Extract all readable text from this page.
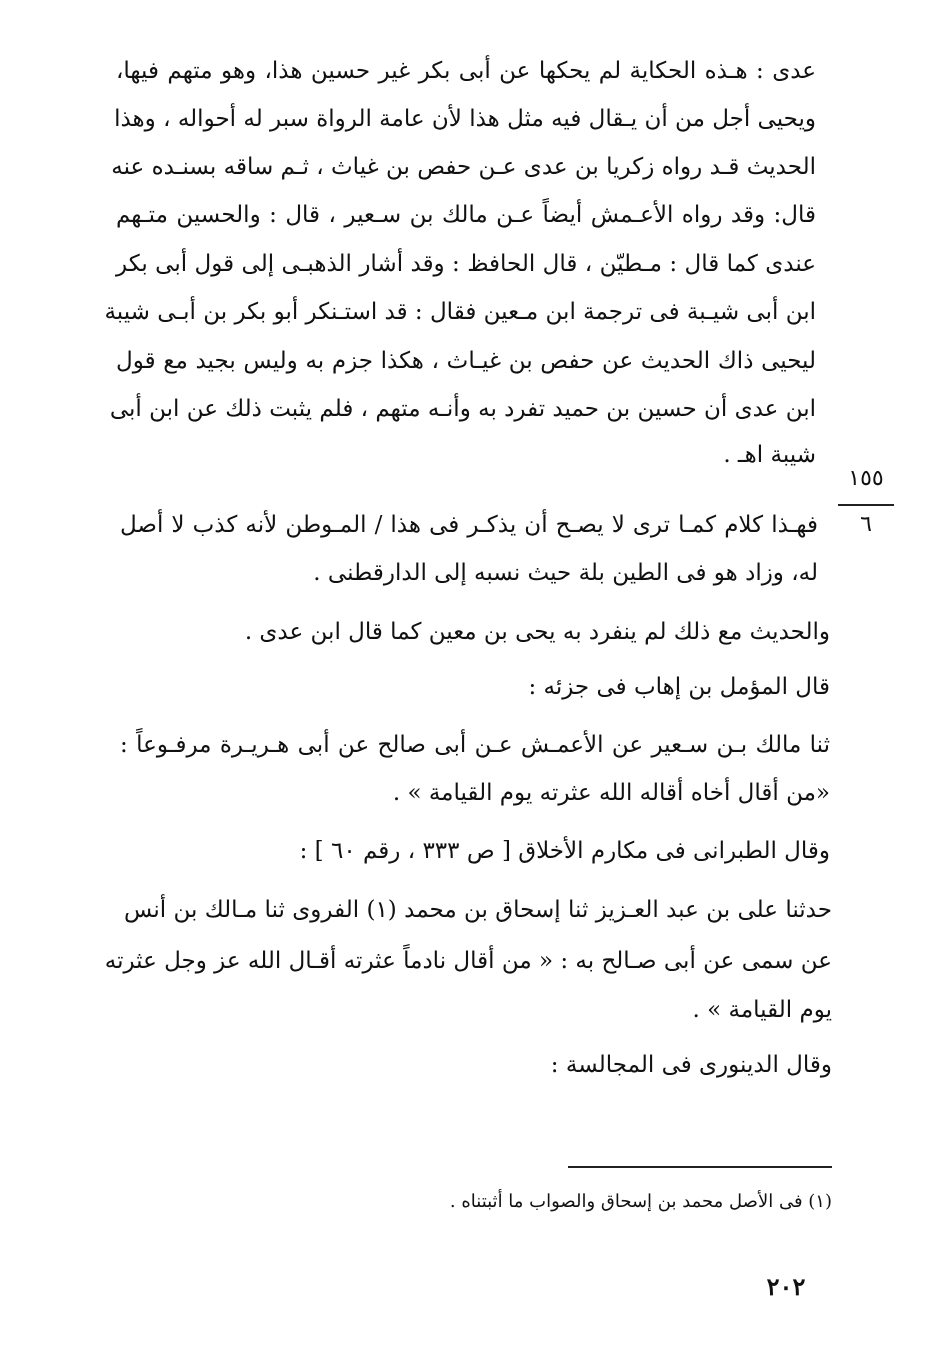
عدى : هـذه الحكاية لم يحكها عن أبى بكر غير حسين هذا، وهو متهم فيها،
ويحيى أجل من أن يـقال فيه مثل هذا لأن عامة الرواة سبر له أحواله ، وهذا
الحديث قـد رواه زكريا بن عدى عـن حفص بن غياث ، ثـم ساقه بسنـده عنه
قال: وقد رواه الأعـمش أيضاً عـن مالك بن سـعير ، قال : والحسين متـهم
عندى كما قال : مـطيّن ، قال الحافظ : وقد أشار الذهبـى إلى قول أبى بكر
ابن أبى شيـبة فى ترجمة ابن مـعين فقال : قد استـنكر أبو بكر بن أبـى شيبة
ليحيى ذاك الحديث عن حفص بن غيـاث ، هكذا جزم به وليس بجيد مع قول
ابن عدى أن حسين بن حميد تفرد به وأنـه متهم ، فلم يثبت ذلك عن ابن أبى
شيبة اهـ .
١٥٥
٦
فهـذا كلام كمـا ترى لا يصـح أن يذكـر فى هذا / المـوطن لأنه كذب لا أصل
له، وزاد هو فى الطين بلة حيث نسبه إلى الدارقطنى .
والحديث مع ذلك لم ينفرد به يحى بن معين كما قال ابن عدى .
قال المؤمل بن إهاب فى جزئه :
ثنا مالك بـن سـعير عن الأعمـش عـن أبى صالح عن أبى هـريـرة مرفـوعاً :
«من أقال أخاه أقاله الله عثرته يوم القيامة » .
وقال الطبرانى فى مكارم الأخلاق [ ص ٣٣٣ ، رقم ٦٠ ] :
حدثنا على بن عبد العـزيز ثنا إسحاق بن محمد (١) الفروى ثنا مـالك بن أنس
عن سمى عن أبى صـالح به : « من أقال نادماً عثرته أقـال الله عز وجل عثرته
يوم القيامة » .
وقال الدينورى فى المجالسة :
(١) فى الأصل محمد بن إسحاق والصواب ما أثبتناه .
٢٠٢
